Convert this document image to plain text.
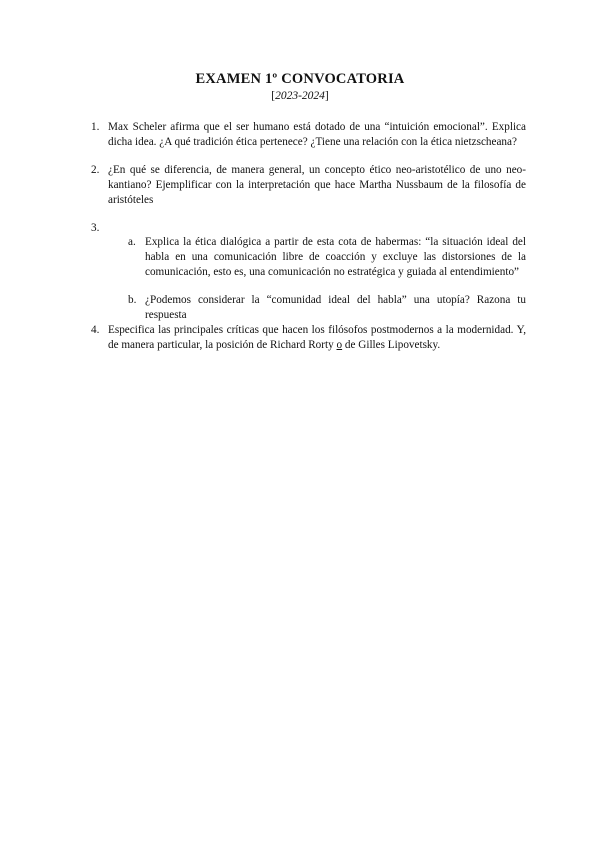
EXAMEN 1º CONVOCATORIA
[2023-2024]
1. Max Scheler afirma que el ser humano está dotado de una “intuición emocional”. Explica dicha idea. ¿A qué tradición ética pertenece? ¿Tiene una relación con la ética nietzscheana?
2. ¿En qué se diferencia, de manera general, un concepto ético neo-aristotélico de uno neo-kantiano? Ejemplificar con la interpretación que hace Martha Nussbaum de la filosofía de aristóteles
3.
a. Explica la ética dialógica a partir de esta cota de habermas: “la situación ideal del habla en una comunicación libre de coacción y excluye las distorsiones de la comunicación, esto es, una comunicación no estratégica y guiada al entendimiento”
b. ¿Podemos considerar la “comunidad ideal del habla” una utopía? Razona tu respuesta
4. Especifica las principales críticas que hacen los filósofos postmodernos a la modernidad. Y, de manera particular, la posición de Richard Rorty o de Gilles Lipovetsky.
